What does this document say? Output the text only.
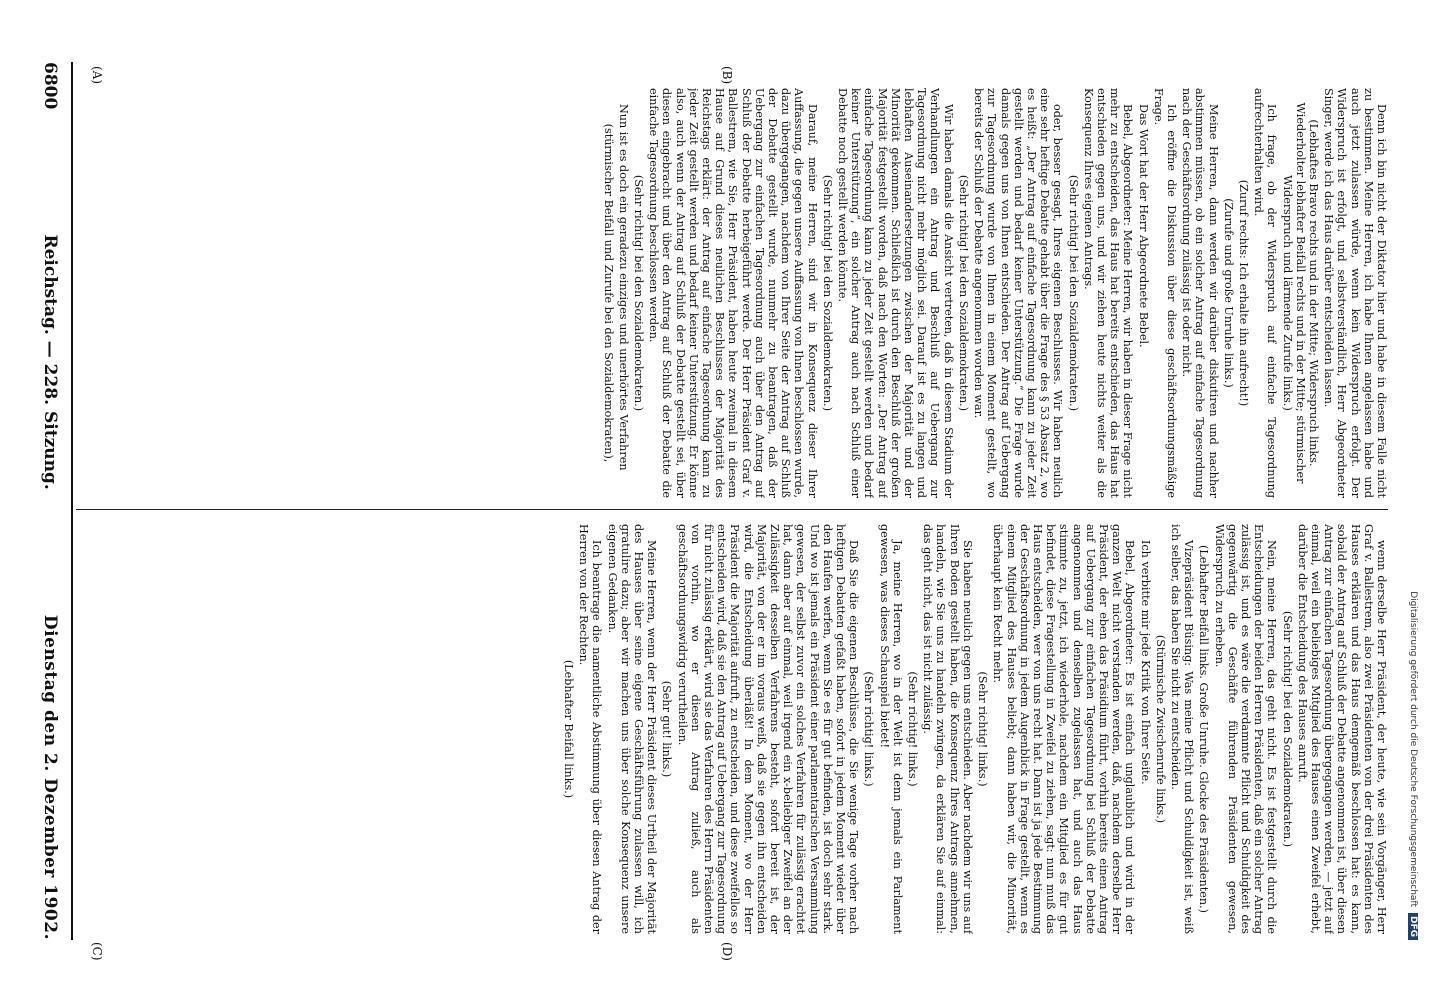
Digitalisierung gefördert durch die Deutsche Forschungsgemeinschaft
DFG

Denn ich bin nicht der Diktator hier und habe in diesem Falle nicht zu bestimmen. Meine Herren, ich habe Ihnen angelassen habe und auch jetzt zulassen würde, wenn kein Widerspruch erfolgt. Der Widerspruch ist erfolgt, und selbstverständlich, Herr Abgeordneter Singer, werde ich das Haus darüber entscheiden lassen.

(Lebhaftes Bravo rechts und in der Mitte; Widerspruch links. Wiederholter lebhafter Beifall rechts und in der Mitte; stürmischer Widerspruch und lärmende Zurufe links.)

Ich frage, ob der Widerspruch auf einfache Tagesordnung aufrechterhalten wird.

(Zuruf rechts: Ich erhalte ihn aufrecht!)

(Zurufe und große Unruhe links.)

Meine Herren, dann werden wir darüber diskutiren und nachher abstimmen müssen, ob ein solcher Antrag auf einfache Tagesordnung nach der Geschäftsordnung zulässig ist oder nicht.

Ich eröffne die Diskussion über diese geschäftsordnungsmäßige Frage.

Das Wort hat der Herr Abgeordnete Bebel.

Bebel, Abgeordneter: Meine Herren, wir haben in dieser Frage nicht mehr zu entscheiden, das Haus hat bereits entschieden, das Haus hat entschieden gegen uns, und wir ziehen heute nichts weiter als die Konsequenz Ihres eigenen Antrags.

(Sehr richtig! bei den Sozialdemokraten.)

oder, besser gesagt, Ihres eigenen Beschlusses. Wir haben neulich eine sehr heftige Debatte gehabt über die Frage des § 53 Absatz 2, wo es heißt: „Der Antrag auf einfache Tagesordnung kann zu jeder Zeit gestellt werden und bedarf keiner Unterstützung.“ Die Frage wurde damals gegen uns von Ihnen entschieden. Der Antrag auf Uebergang zur Tagesordnung wurde von Ihnen in einem Moment gestellt, wo bereits der Schluß der Debatte angenommen worden war.

(Sehr richtig! bei den Sozialdemokraten.)

Wir haben damals die Ansicht vertreten, daß in diesem Stadium der Verhandlungen ein Antrag und Beschluß auf Uebergang zur Tagesordnung nicht mehr möglich sei. Darauf ist es zu langen und lebhaften Auseinandersetzungen zwischen der Majorität und der Minorität gekommen. Schließlich ist durch den Beschluß der großen Majorität festgestellt worden, daß nach den Worten: „Der Antrag auf einfache Tagesordnung kann zu jeder Zeit gestellt werden und bedarf keiner Unterstützung“, ein solcher Antrag auch nach Schluß einer Debatte noch gestellt werden könnte.

(Sehr richtig! bei den Sozialdemokraten.)

Darauf, meine Herren, sind wir in Konsequenz dieser Ihrer Auffassung, die gegen unsere Auffassung von Ihnen beschlossen wurde, dazu übergegangen, nachdem von Ihrer Seite der Antrag auf Schluß der Debatte gestellt wurde, nunmehr zu beantragen, daß der Uebergang zur einfachen Tagesordnung auch über den Antrag auf Schluß der Debatte herbeigeführt werde. Der Herr Präsident Graf v. Ballestrem, wie Sie, Herr Präsident, haben heute zweimal in diesem Hause auf Grund dieses neulichen Beschlusses der Majorität des Reichstags erklärt: der Antrag auf einfache Tagesordnung kann zu jeder Zeit gestellt werden und bedarf keiner Unterstützung. Er könne also, auch wenn der Antrag auf Schluß der Debatte gestellt sei, über diesen eingebracht und über den Antrag auf Schluß der Debatte die einfache Tagesordnung beschlossen werden.

(Sehr richtig! bei den Sozialdemokraten.)

Nun ist es doch ein geradezu einziges und unerhörtes Verfahren

(stürmischer Beifall und Zurufe bei den Sozialdemokraten),

wenn derselbe Herr Präsident, der heute, wie sein Vorgänger, Herr Graf v. Ballestrem, also zwei Präsidenten von der drei Präsidenten des Hauses erklären und das Haus demgemäß beschlossen hat: es kann, sobald der Antrag auf Schluß der Debatte angenommen ist, über diesen Antrag zur einfachen Tagesordnung übergegangen werden, — jetzt auf einmal, weil ein beliebiges Mitglied des Hauses einen Zweifel erhebt, darüber die Entscheidung des Hauses anruft.

(Sehr richtig! bei den Sozialdemokraten.)

Nein, meine Herren, das geht nicht. Es ist festgestellt durch die Entscheidungen der beiden Herren Präsidenten, daß ein solcher Antrag zulässig ist, und es wäre die verdammte Pflicht und Schuldigkeit des gegenwärtig die Geschäfte führenden Präsidenten gewesen, Widerspruch zu erheben.

(Lebhafter Beifall links. Große Unruhe. Glocke des Präsidenten.)

Vizepräsident Büsing: Was meine Pflicht und Schuldigkeit ist, weiß ich selber, das haben Sie nicht zu entscheiden.

(Stürmische Zwischenrufe links.)

Ich verbitte mir jede Kritik von Ihrer Seite.

Bebel, Abgeordneter: Es ist einfach unglaublich und wird in der ganzen Welt nicht verstanden werden, daß, nachdem derselbe Herr Präsident, der eben das Präsidium führt, vorhin bereits einen Antrag auf Uebergang zur einfachen Tagesordnung bei Schluß der Debatte angenommen und denselben zugelassen hat, und auch das Haus stimmte zu, jetzt, ich wiederhole, nachdem ein Mitglied es für gut befindet, diese Fragestellung in Zweifel zu ziehen, sagt: nun muß das Haus entscheiden, wer von uns recht hat. Dann ist ja jede Bestimmung der Geschäftsordnung in jedem Augenblick in Frage gestellt, wenn es einem Mitglied des Hauses beliebt; dann haben wir, die Minorität, überhaupt kein Recht mehr.

(Sehr richtig! links.)

Sie haben neulich gegen uns entschieden. Aber nachdem wir uns auf Ihren Boden gestellt haben, die Konsequenz Ihres Antrags annehmen, handeln, wie Sie uns zu handeln zwingen, da erklären Sie auf einmal: das geht nicht, das ist nicht zulässig.

(Sehr richtig! links.)

Ja, meine Herren, wo in der Welt ist denn jemals ein Parlament gewesen, was dieses Schauspiel bietet!

(Sehr richtig! links.)

Daß Sie die eigenen Beschlüsse, die Sie wenige Tage vorher nach heftigen Debatten gefaßt haben, sofort in jedem Moment wieder über den Haufen werfen, wenn Sie es für gut befinden, ist doch sehr stark. Und wo ist jemals ein Präsident einer parlamentarischen Versammlung gewesen, der selbst zuvor ein solches Verfahren für zulässig erachtet hat, dann aber auf einmal, weil irgend ein x-beliebiger Zweifel an der Zulässigkeit desselben Verfahrens besteht, sofort bereit ist, der Majorität, von der er im voraus weiß, daß sie gegen ihn entscheiden wird, die Entscheidung überläßt! In dem Moment, wo der Herr Präsident die Majorität aufruft, zu entscheiden, und diese zweifellos so entscheiden wird, daß sie den Antrag auf Uebergang zur Tagesordnung für nicht zulässig erklärt, wird sie das Verfahren des Herrn Präsidenten von vorhin, wo er diesen Antrag zuließ, auch als geschäftsordnungswidrig verurtheilen.

(Sehr gut! links.)

Meine Herren, wenn der Herr Präsident dieses Urtheil der Majorität des Hauses über seine eigene Geschäftsführung zulassen will, ich gratulire dazu; aber wir machen uns über solche Konsequenz unsere eigenen Gedanken.

Ich beantrage die namentliche Abstimmung über diesen Antrag der Herren von der Rechten.

(Lebhafter Beifall links.)

(A)	(B)
(C)	(D)
6800
Reichstag. — 228. Sitzung.
Dienstag den 2. Dezember 1902.
